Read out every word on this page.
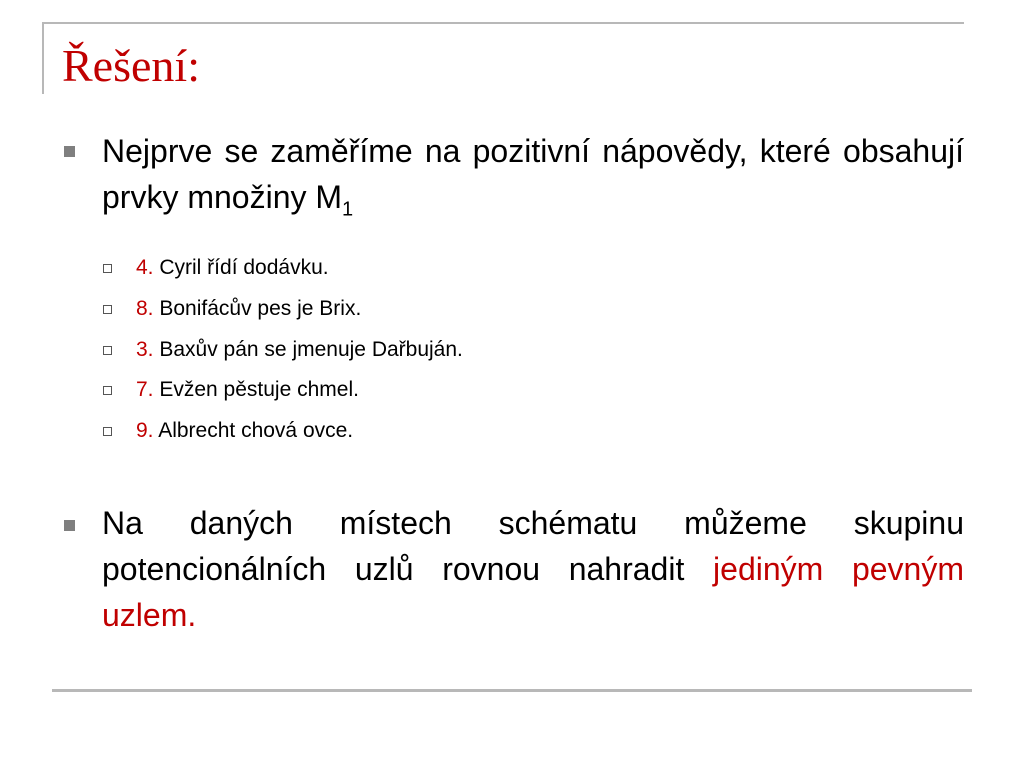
Řešení:
Nejprve se zaměříme na pozitivní nápovědy, které obsahují prvky množiny $M_1$
4. Cyril řídí dodávku.
8. Bonifácův pes je Brix.
3. Baxův pán se jmenuje Dařbuján.
7. Evžen pěstuje chmel.
9. Albrecht chová ovce.
Na daných místech schématu můžeme skupinu potencionálních uzlů rovnou nahradit jediným pevným uzlem.
